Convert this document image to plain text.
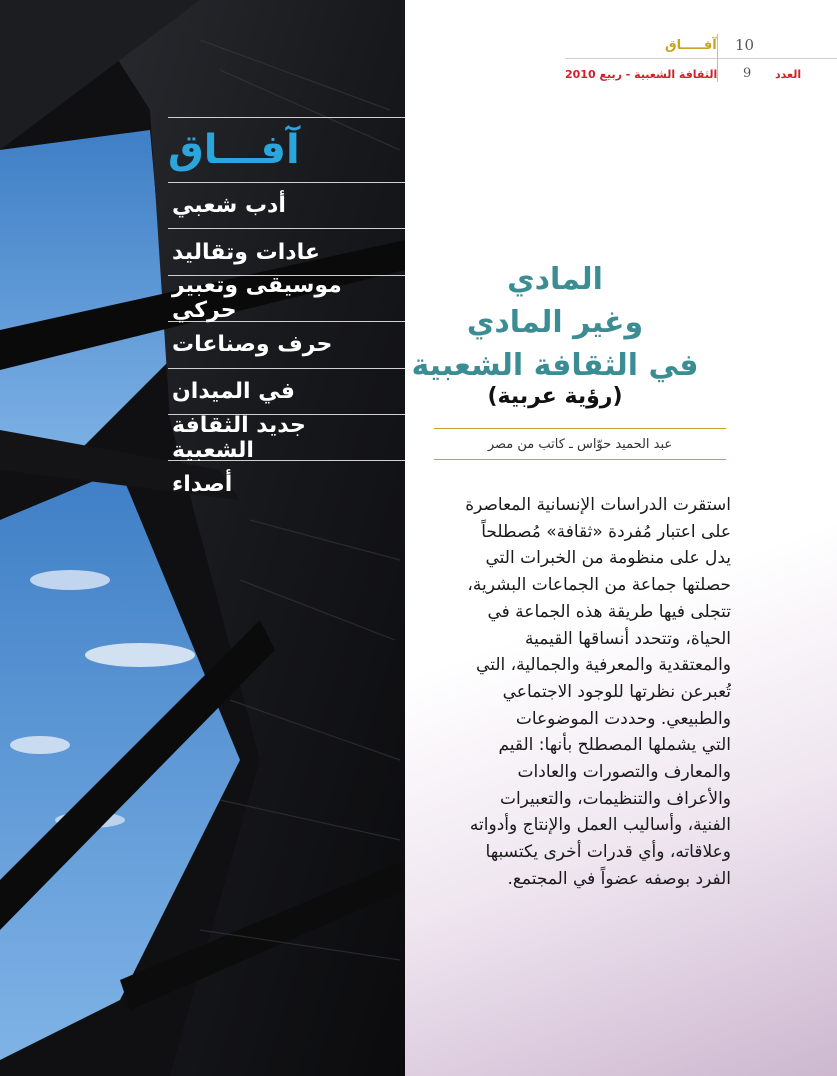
آفـــاق
أدب شعبي
عادات وتقاليد
موسيقى وتعبير حركي
حرف وصناعات
في الميدان
جديد الثقافة الشعبية
أصداء
10
آفـــــاق
9 العدد
الثقافة الشعبية - ربيع 2010
المادي
وغير المادي
في الثقافة الشعبية
(رؤية عربية)
عبد الحميد حوّاس ـ كاتب من مصر
استقرت الدراسات الإنسانية المعاصرة
على اعتبار مُفردة «ثقافة» مُصطلحاً
يدل على منظومة من الخبرات التي
حصلتها جماعة من الجماعات البشرية،
تتجلى فيها طريقة هذه الجماعة في
الحياة، وتتحدد أنساقها القيمية
والمعتقدية والمعرفية والجمالية، التي
تُعبرعن نظرتها للوجود الاجتماعي
والطبيعي. وحددت الموضوعات
التي يشملها المصطلح بأنها: القيم
والمعارف والتصورات والعادات
والأعراف والتنظيمات، والتعبيرات
الفنية، وأساليب العمل والإنتاج وأدواته
وعلاقاته، وأي قدرات أخرى يكتسبها
الفرد بوصفه عضواً في المجتمع.
